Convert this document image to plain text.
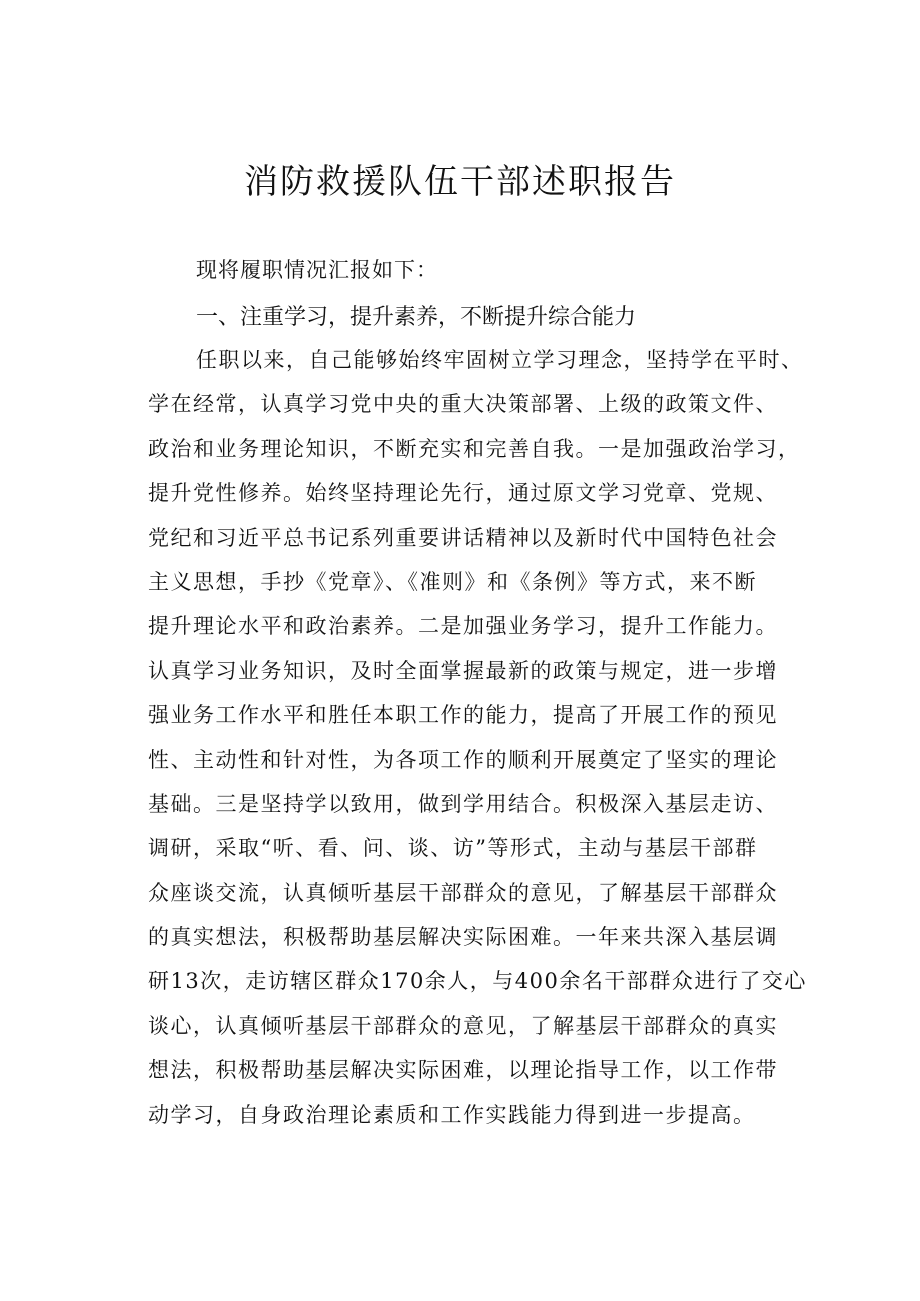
消防救援队伍干部述职报告
现将履职情况汇报如下：
一、注重学习，提升素养，不断提升综合能力
任职以来，自己能够始终牢固树立学习理念，坚持学在平时、
学在经常，认真学习党中央的重大决策部署、上级的政策文件、
政治和业务理论知识，不断充实和完善自我。一是加强政治学习，
提升党性修养。始终坚持理论先行，通过原文学习党章、党规、
党纪和习近平总书记系列重要讲话精神以及新时代中国特色社会
主义思想，手抄《党章》、《准则》和《条例》等方式，来不断
提升理论水平和政治素养。二是加强业务学习，提升工作能力。
认真学习业务知识，及时全面掌握最新的政策与规定，进一步增
强业务工作水平和胜任本职工作的能力，提高了开展工作的预见
性、主动性和针对性，为各项工作的顺利开展奠定了坚实的理论
基础。三是坚持学以致用，做到学用结合。积极深入基层走访、
调研，采取“听、看、问、谈、访”等形式，主动与基层干部群
众座谈交流，认真倾听基层干部群众的意见，了解基层干部群众
的真实想法，积极帮助基层解决实际困难。一年来共深入基层调
研13次，走访辖区群众170余人，与400余名干部群众进行了交心
谈心，认真倾听基层干部群众的意见，了解基层干部群众的真实
想法，积极帮助基层解决实际困难，以理论指导工作，以工作带
动学习，自身政治理论素质和工作实践能力得到进一步提高。
